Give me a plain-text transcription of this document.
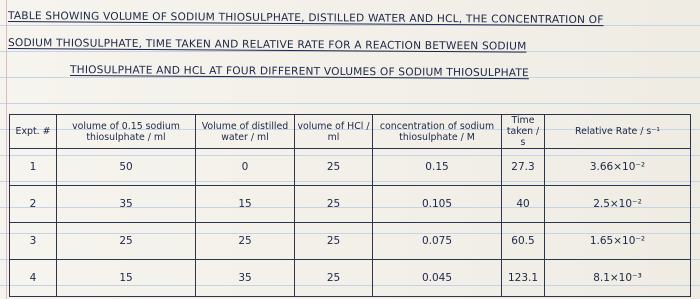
TABLE SHOWING VOLUME OF SODIUM THIOSULPHATE, DISTILLED WATER AND HCL, THE CONCENTRATION OF
SODIUM THIOSULPHATE, TIME TAKEN AND RELATIVE RATE FOR A REACTION BETWEEN SODIUM
THIOSULPHATE AND HCL AT FOUR DIFFERENT VOLUMES OF SODIUM THIOSULPHATE
Expt. #	volume of 0.15 sodium thiosulphate / ml	Volume of distilled water / ml	volume of HCl / ml	concentration of sodium thiosulphate / M	Time taken / s	Relative Rate / s⁻¹
1	50	0	25	0.15	27.3	3.66×10⁻²
2	35	15	25	0.105	40	2.5×10⁻²
3	25	25	25	0.075	60.5	1.65×10⁻²
4	15	35	25	0.045	123.1	8.1×10⁻³
